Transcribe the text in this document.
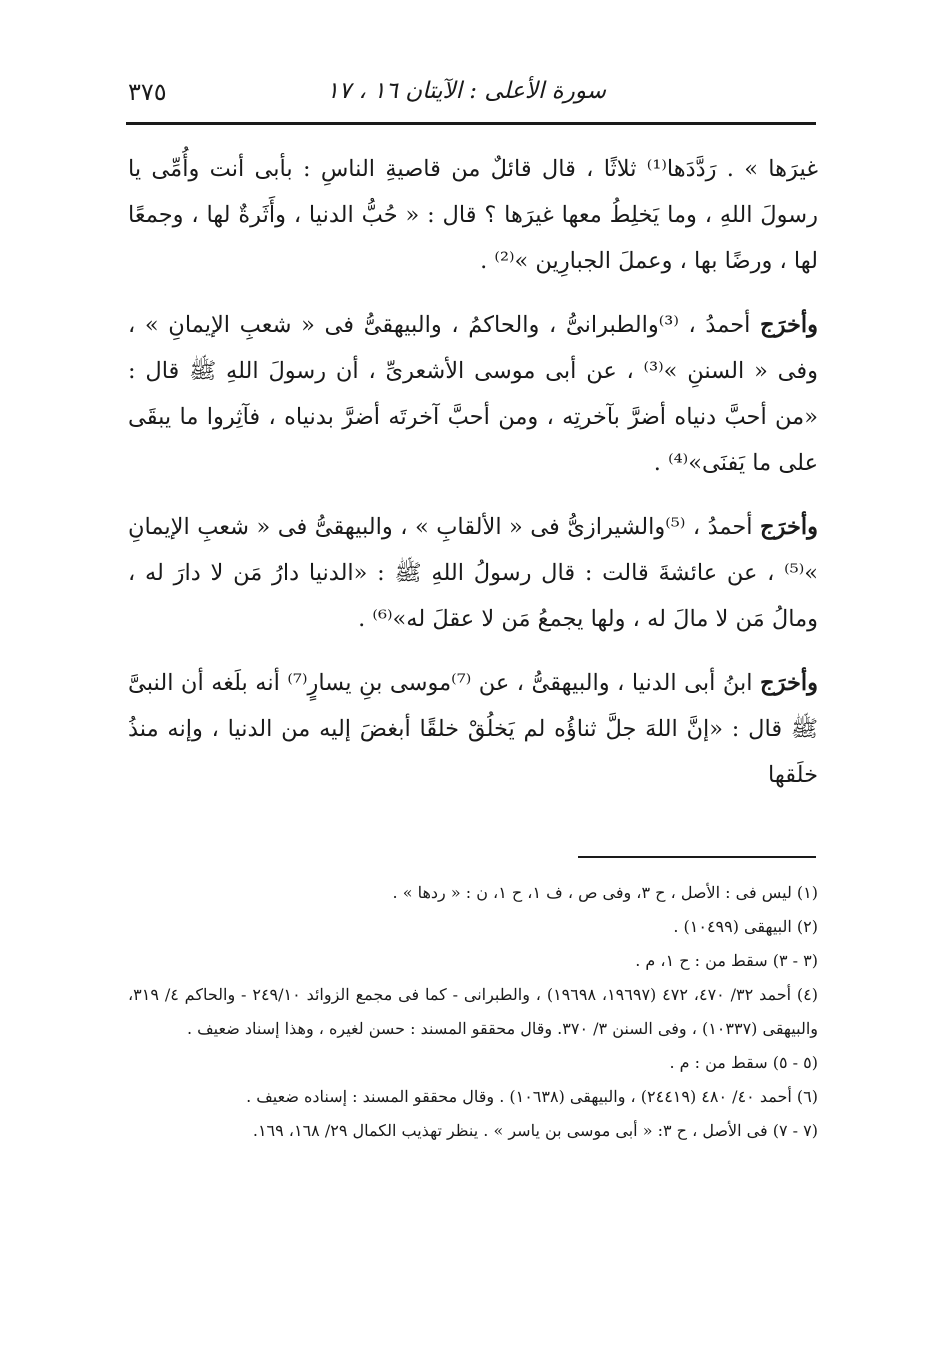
سورة الأعلى : الآيتان ١٦ ، ١٧
٣٧٥

غيرَها » . رَدَّدَها⁽¹⁾ ثلاثًا ، قال قائلٌ من قاصيةِ الناسِ : بأبى أنت وأُمِّى يا رسولَ اللهِ ، وما يَخلِطُ معها غيرَها ؟ قال : « حُبُّ الدنيا ، وأَثَرةٌ لها ، وجمعًا لها ، ورضًا بها ، وعملَ الجبارِين »⁽²⁾ .

وأخرَج أحمدُ ، ⁽³⁾والطبرانىُّ ، والحاكمُ ، والبيهقىُّ فى « شعبِ الإيمانِ » ، وفى « السننِ »⁽³⁾ ، عن أبى موسى الأشعرىِّ ، أن رسولَ اللهِ ﷺ قال : «من أحبَّ دنياه أضرَّ بآخرتِه ، ومن أحبَّ آخرتَه أضرَّ بدنياه ، فآثِروا ما يبقَى على ما يَفنَى»⁽⁴⁾ .

وأخرَج أحمدُ ، ⁽⁵⁾والشيرازىُّ فى « الألقابِ » ، والبيهقىُّ فى « شعبِ الإيمانِ »⁽⁵⁾ ، عن عائشةَ قالت : قال رسولُ اللهِ ﷺ : «الدنيا دارُ مَن لا دارَ له ، ومالُ مَن لا مالَ له ، ولها يجمعُ مَن لا عقلَ له»⁽⁶⁾ .

وأخرَج ابنُ أبى الدنيا ، والبيهقىُّ ، عن ⁽⁷⁾موسى بنِ يسارٍ⁽⁷⁾ أنه بلَغه أن النبىَّ ﷺ قال : «إنَّ اللهَ جلَّ ثناؤُه لم يَخلُقْ خلقًا أبغضَ إليه من الدنيا ، وإنه منذُ خلَقها

(١) ليس فى : الأصل ، ح ٣، وفى ص ، ف ١، ح ١، ن : « ردها » .

(٢) البيهقى (١٠٤٩٩) .

(٣ - ٣) سقط من : ح ١، م .

(٤) أحمد ٣٢/ ٤٧٠، ٤٧٢ (١٩٦٩٧، ١٩٦٩٨) ، والطبرانى - كما فى مجمع الزوائد ٢٤٩/١٠ - والحاكم ٤/ ٣١٩، والبيهقى (١٠٣٣٧) ، وفى السنن ٣/ ٣٧٠. وقال محققو المسند : حسن لغيره ، وهذا إسناد ضعيف .

(٥ - ٥) سقط من : م .

(٦) أحمد ٤٠/ ٤٨٠ (٢٤٤١٩) ، والبيهقى (١٠٦٣٨) . وقال محققو المسند : إسناده ضعيف .

(٧ - ٧) فى الأصل ، ح ٣: « أبى موسى بن ياسر » . ينظر تهذيب الكمال ٢٩/ ١٦٨، ١٦٩.
